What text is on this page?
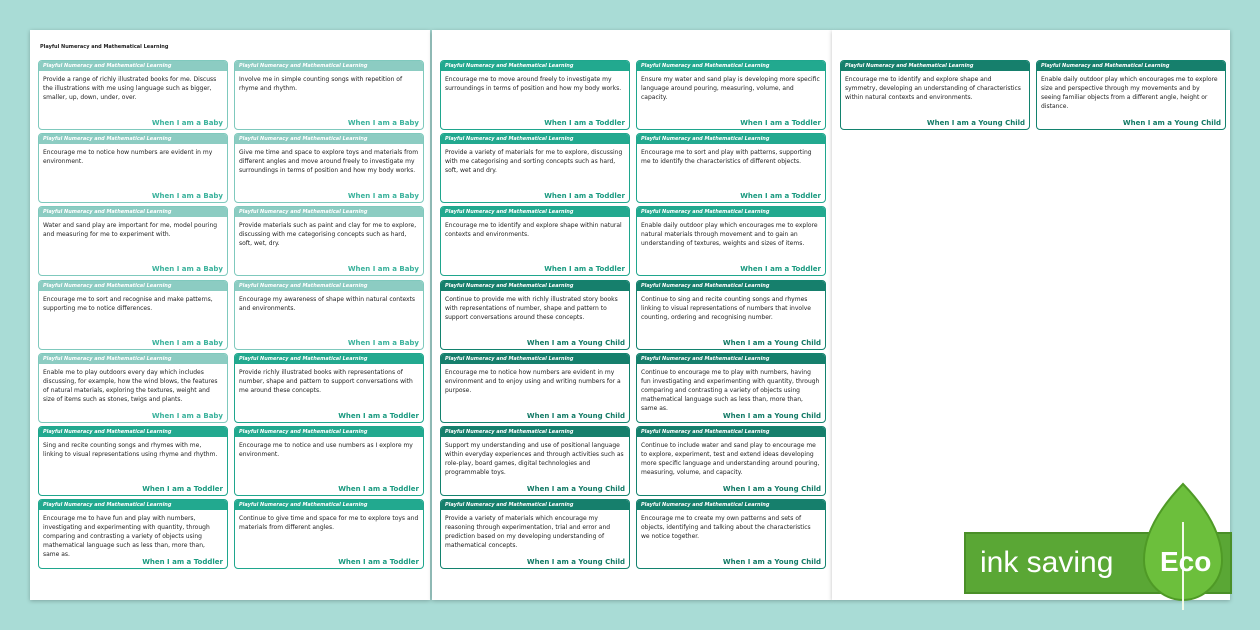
Playful Numeracy and Mathematical Learning
Playful Numeracy and Mathematical Learning
Provide a range of richly illustrated books for me. Discuss the illustrations with me using language such as bigger, smaller, up, down, under, over.
When I am a Baby
Playful Numeracy and Mathematical Learning
Involve me in simple counting songs with repetition of rhyme and rhythm.
When I am a Baby
Playful Numeracy and Mathematical Learning
Encourage me to notice how numbers are evident in my environment.
When I am a Baby
Playful Numeracy and Mathematical Learning
Give me time and space to explore toys and materials from different angles and move around freely to investigate my surroundings in terms of position and how my body works.
When I am a Baby
Playful Numeracy and Mathematical Learning
Water and sand play are important for me, model pouring and measuring for me to experiment with.
When I am a Baby
Playful Numeracy and Mathematical Learning
Provide materials such as paint and clay for me to explore, discussing with me categorising concepts such as hard, soft, wet, dry.
When I am a Baby
Playful Numeracy and Mathematical Learning
Encourage me to sort and recognise and make patterns, supporting me to notice differences.
When I am a Baby
Playful Numeracy and Mathematical Learning
Encourage my awareness of shape within natural contexts and environments.
When I am a Baby
Playful Numeracy and Mathematical Learning
Enable me to play outdoors every day which includes discussing, for example, how the wind blows, the features of natural materials, exploring the textures, weight and size of items such as stones, twigs and plants.
When I am a Baby
Playful Numeracy and Mathematical Learning
Provide richly illustrated books with representations of number, shape and pattern to support conversations with me around these concepts.
When I am a Toddler
Playful Numeracy and Mathematical Learning
Sing and recite counting songs and rhymes with me, linking to visual representations using rhyme and rhythm.
When I am a Toddler
Playful Numeracy and Mathematical Learning
Encourage me to notice and use numbers as I explore my environment.
When I am a Toddler
Playful Numeracy and Mathematical Learning
Encourage me to have fun and play with numbers, investigating and experimenting with quantity, through comparing and contrasting a variety of objects using mathematical language such as less than, more than, same as.
When I am a Toddler
Playful Numeracy and Mathematical Learning
Continue to give time and space for me to explore toys and materials from different angles.
When I am a Toddler
Playful Numeracy and Mathematical Learning
Encourage me to move around freely to investigate my surroundings in terms of position and how my body works.
When I am a Toddler
Playful Numeracy and Mathematical Learning
Ensure my water and sand play is developing more specific language around pouring, measuring, volume, and capacity.
When I am a Toddler
Playful Numeracy and Mathematical Learning
Provide a variety of materials for me to explore, discussing with me categorising and sorting concepts such as hard, soft, wet and dry.
When I am a Toddler
Playful Numeracy and Mathematical Learning
Encourage me to sort and play with patterns, supporting me to identify the characteristics of different objects.
When I am a Toddler
Playful Numeracy and Mathematical Learning
Encourage me to identify and explore shape within natural contexts and environments.
When I am a Toddler
Playful Numeracy and Mathematical Learning
Enable daily outdoor play which encourages me to explore natural materials through movement and to gain an understanding of textures, weights and sizes of items.
When I am a Toddler
Playful Numeracy and Mathematical Learning
Continue to provide me with richly illustrated story books with representations of number, shape and pattern to support conversations around these concepts.
When I am a Young Child
Playful Numeracy and Mathematical Learning
Continue to sing and recite counting songs and rhymes linking to visual representations of numbers that involve counting, ordering and recognising number.
When I am a Young Child
Playful Numeracy and Mathematical Learning
Encourage me to notice how numbers are evident in my environment and to enjoy using and writing numbers for a purpose.
When I am a Young Child
Playful Numeracy and Mathematical Learning
Continue to encourage me to play with numbers, having fun investigating and experimenting with quantity, through comparing and contrasting a variety of objects using mathematical language such as less than, more than, same as.
When I am a Young Child
Playful Numeracy and Mathematical Learning
Support my understanding and use of positional language within everyday experiences and through activities such as role-play, board games, digital technologies and programmable toys.
When I am a Young Child
Playful Numeracy and Mathematical Learning
Continue to include water and sand play to encourage me to explore, experiment, test and extend ideas developing more specific language and understanding around pouring, measuring, volume, and capacity.
When I am a Young Child
Playful Numeracy and Mathematical Learning
Provide a variety of materials which encourage my reasoning through experimentation, trial and error and prediction based on my developing understanding of mathematical concepts.
When I am a Young Child
Playful Numeracy and Mathematical Learning
Encourage me to create my own patterns and sets of objects, identifying and talking about the characteristics we notice together.
When I am a Young Child
Playful Numeracy and Mathematical Learning
Encourage me to identify and explore shape and symmetry, developing an understanding of characteristics within natural contexts and environments.
When I am a Young Child
Playful Numeracy and Mathematical Learning
Enable daily outdoor play which encourages me to explore size and perspective through my movements and by seeing familiar objects from a different angle, height or distance.
When I am a Young Child
ink saving Eco
